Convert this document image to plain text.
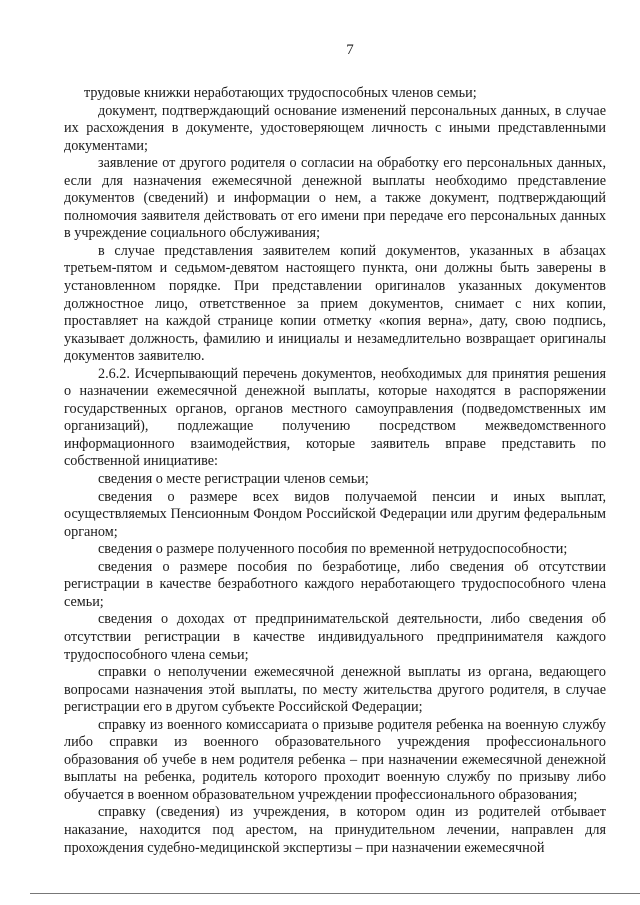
7

трудовые книжки неработающих трудоспособных членов семьи;

документ, подтверждающий основание изменений персональных данных, в случае их расхождения в документе, удостоверяющем личность с иными представленными документами;

заявление от другого родителя о согласии на обработку его персональных данных, если для назначения ежемесячной денежной выплаты необходимо представление документов (сведений) и информации о нем, а также документ, подтверждающий полномочия заявителя действовать от его имени при передаче его персональных данных в учреждение социального обслуживания;

в случае представления заявителем копий документов, указанных в абзацах третьем-пятом и седьмом-девятом настоящего пункта, они должны быть заверены в установленном порядке. При представлении оригиналов указанных документов должностное лицо, ответственное за прием документов, снимает с них копии, проставляет на каждой странице копии отметку «копия верна», дату, свою подпись, указывает должность, фамилию и инициалы и незамедлительно возвращает оригиналы документов заявителю.

2.6.2. Исчерпывающий перечень документов, необходимых для принятия решения о назначении ежемесячной денежной выплаты, которые находятся в распоряжении государственных органов, органов местного самоуправления (подведомственных им организаций), подлежащие получению посредством межведомственного информационного взаимодействия, которые заявитель вправе представить по собственной инициативе:

сведения о месте регистрации членов семьи;

сведения о размере всех видов получаемой пенсии и иных выплат, осуществляемых Пенсионным Фондом Российской Федерации или другим федеральным органом;

сведения о размере полученного пособия по временной нетрудоспособности;

сведения о размере пособия по безработице, либо сведения об отсутствии регистрации в качестве безработного каждого неработающего трудоспособного члена семьи;

сведения о доходах от предпринимательской деятельности, либо сведения об отсутствии регистрации в качестве индивидуального предпринимателя каждого трудоспособного члена семьи;

справки о неполучении ежемесячной денежной выплаты из органа, ведающего вопросами назначения этой выплаты, по месту жительства другого родителя, в случае регистрации его в другом субъекте Российской Федерации;

справку из военного комиссариата о призыве родителя ребенка на военную службу либо справки из военного образовательного учреждения профессионального образования об учебе в нем родителя ребенка – при назначении ежемесячной денежной выплаты на ребенка, родитель которого проходит военную службу по призыву либо обучается в военном образовательном учреждении профессионального образования;

справку (сведения) из учреждения, в котором один из родителей отбывает наказание, находится под арестом, на принудительном лечении, направлен для прохождения судебно-медицинской экспертизы – при назначении ежемесячной
